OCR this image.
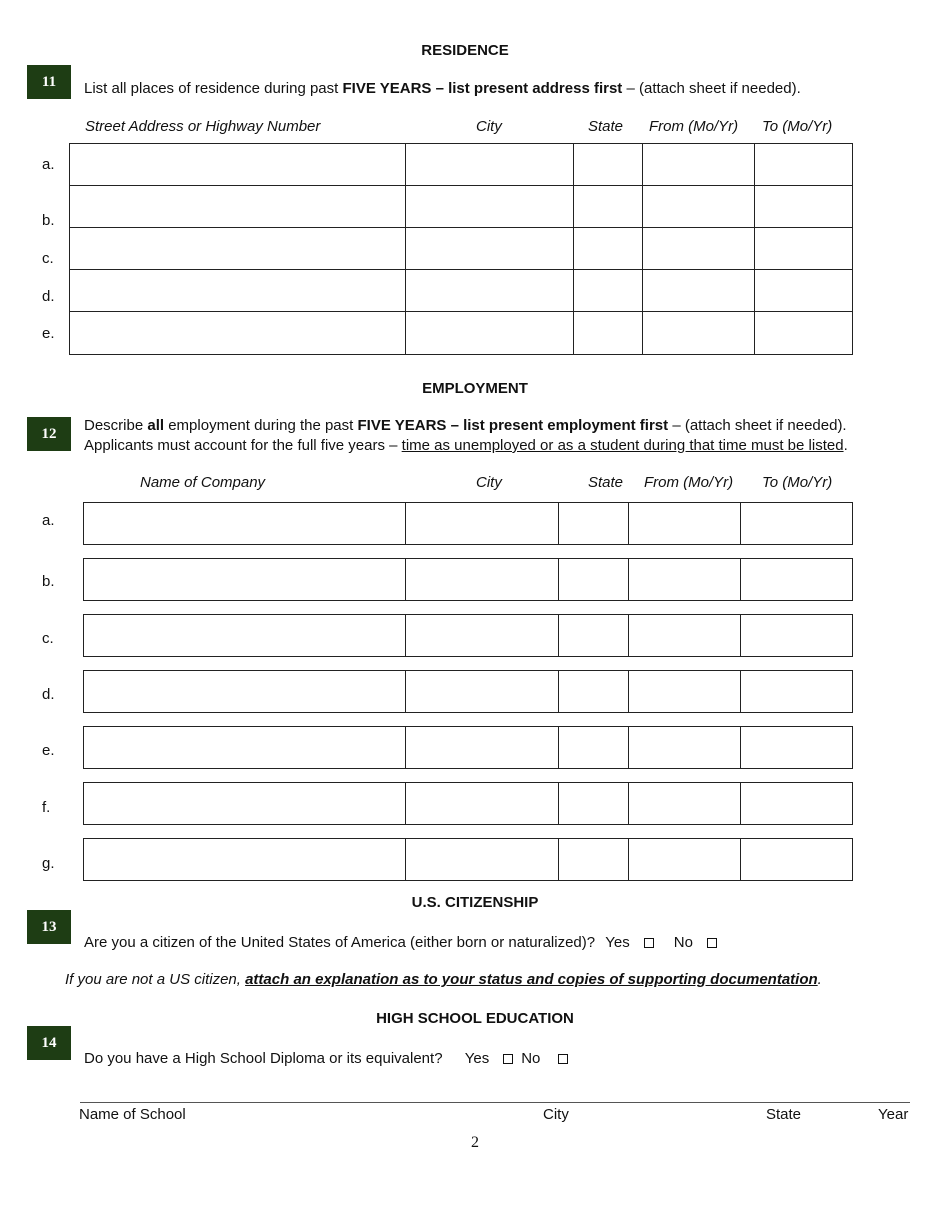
RESIDENCE
11	List all places of residence during past FIVE YEARS – list present address first – (attach sheet if needed).
Street Address or Highway Number	City	State From (Mo/Yr) To (Mo/Yr)
a.
b.
c.
d.
e.
EMPLOYMENT
12	Describe all employment during the past FIVE YEARS – list present employment first – (attach sheet if needed).
Applicants must account for the full five years – time as unemployed or as a student during that time must be listed.
Name of Company	City	State From (Mo/Yr) To (Mo/Yr)
a.
b.
c.
d.
e.
f.
g.
U.S. CITIZENSHIP
13
Are you a citizen of the United States of America (either born or naturalized)? Yes	No
If you are not a US citizen, attach an explanation as to your status and copies of supporting documentation.
HIGH SCHOOL EDUCATION
14
Do you have a High School Diploma or its equivalent? Yes No
Name of School	City	State	Year
2
